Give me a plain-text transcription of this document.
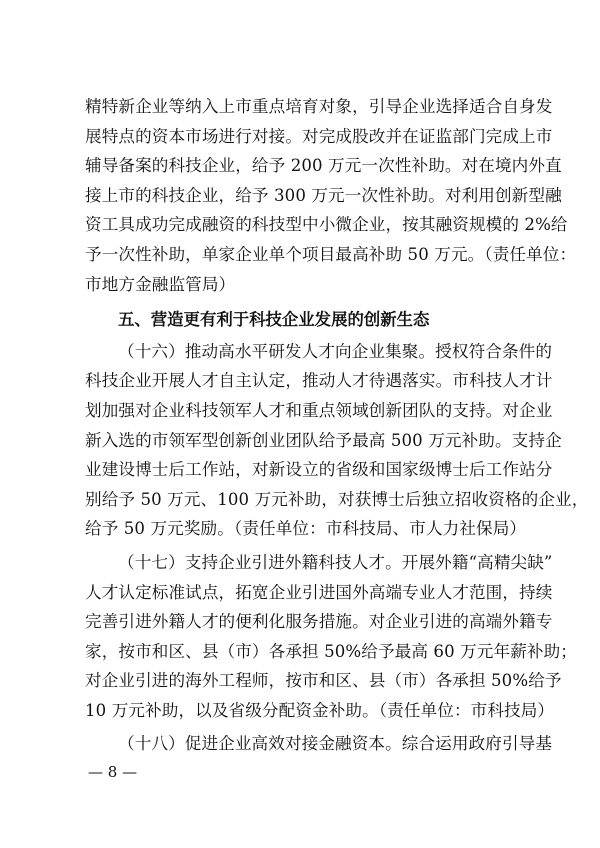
精特新企业等纳入上市重点培育对象，引导企业选择适合自身发
展特点的资本市场进行对接。对完成股改并在证监部门完成上市
辅导备案的科技企业，给予 200 万元一次性补助。对在境内外直
接上市的科技企业，给予 300 万元一次性补助。对利用创新型融
资工具成功完成融资的科技型中小微企业，按其融资规模的 2%给
予一次性补助，单家企业单个项目最高补助 50 万元。（责任单位：
市地方金融监管局）
五、营造更有利于科技企业发展的创新生态
（十六）推动高水平研发人才向企业集聚。授权符合条件的
科技企业开展人才自主认定，推动人才待遇落实。市科技人才计
划加强对企业科技领军人才和重点领域创新团队的支持。对企业
新入选的市领军型创新创业团队给予最高 500 万元补助。支持企
业建设博士后工作站，对新设立的省级和国家级博士后工作站分
别给予 50 万元、100 万元补助，对获博士后独立招收资格的企业，
给予 50 万元奖励。（责任单位：市科技局、市人力社保局）
（十七）支持企业引进外籍科技人才。开展外籍“高精尖缺”
人才认定标准试点，拓宽企业引进国外高端专业人才范围，持续
完善引进外籍人才的便利化服务措施。对企业引进的高端外籍专
家，按市和区、县（市）各承担 50%给予最高 60 万元年薪补助；
对企业引进的海外工程师，按市和区、县（市）各承担 50%给予
10 万元补助，以及省级分配资金补助。（责任单位：市科技局）
（十八）促进企业高效对接金融资本。综合运用政府引导基
— 8 —
